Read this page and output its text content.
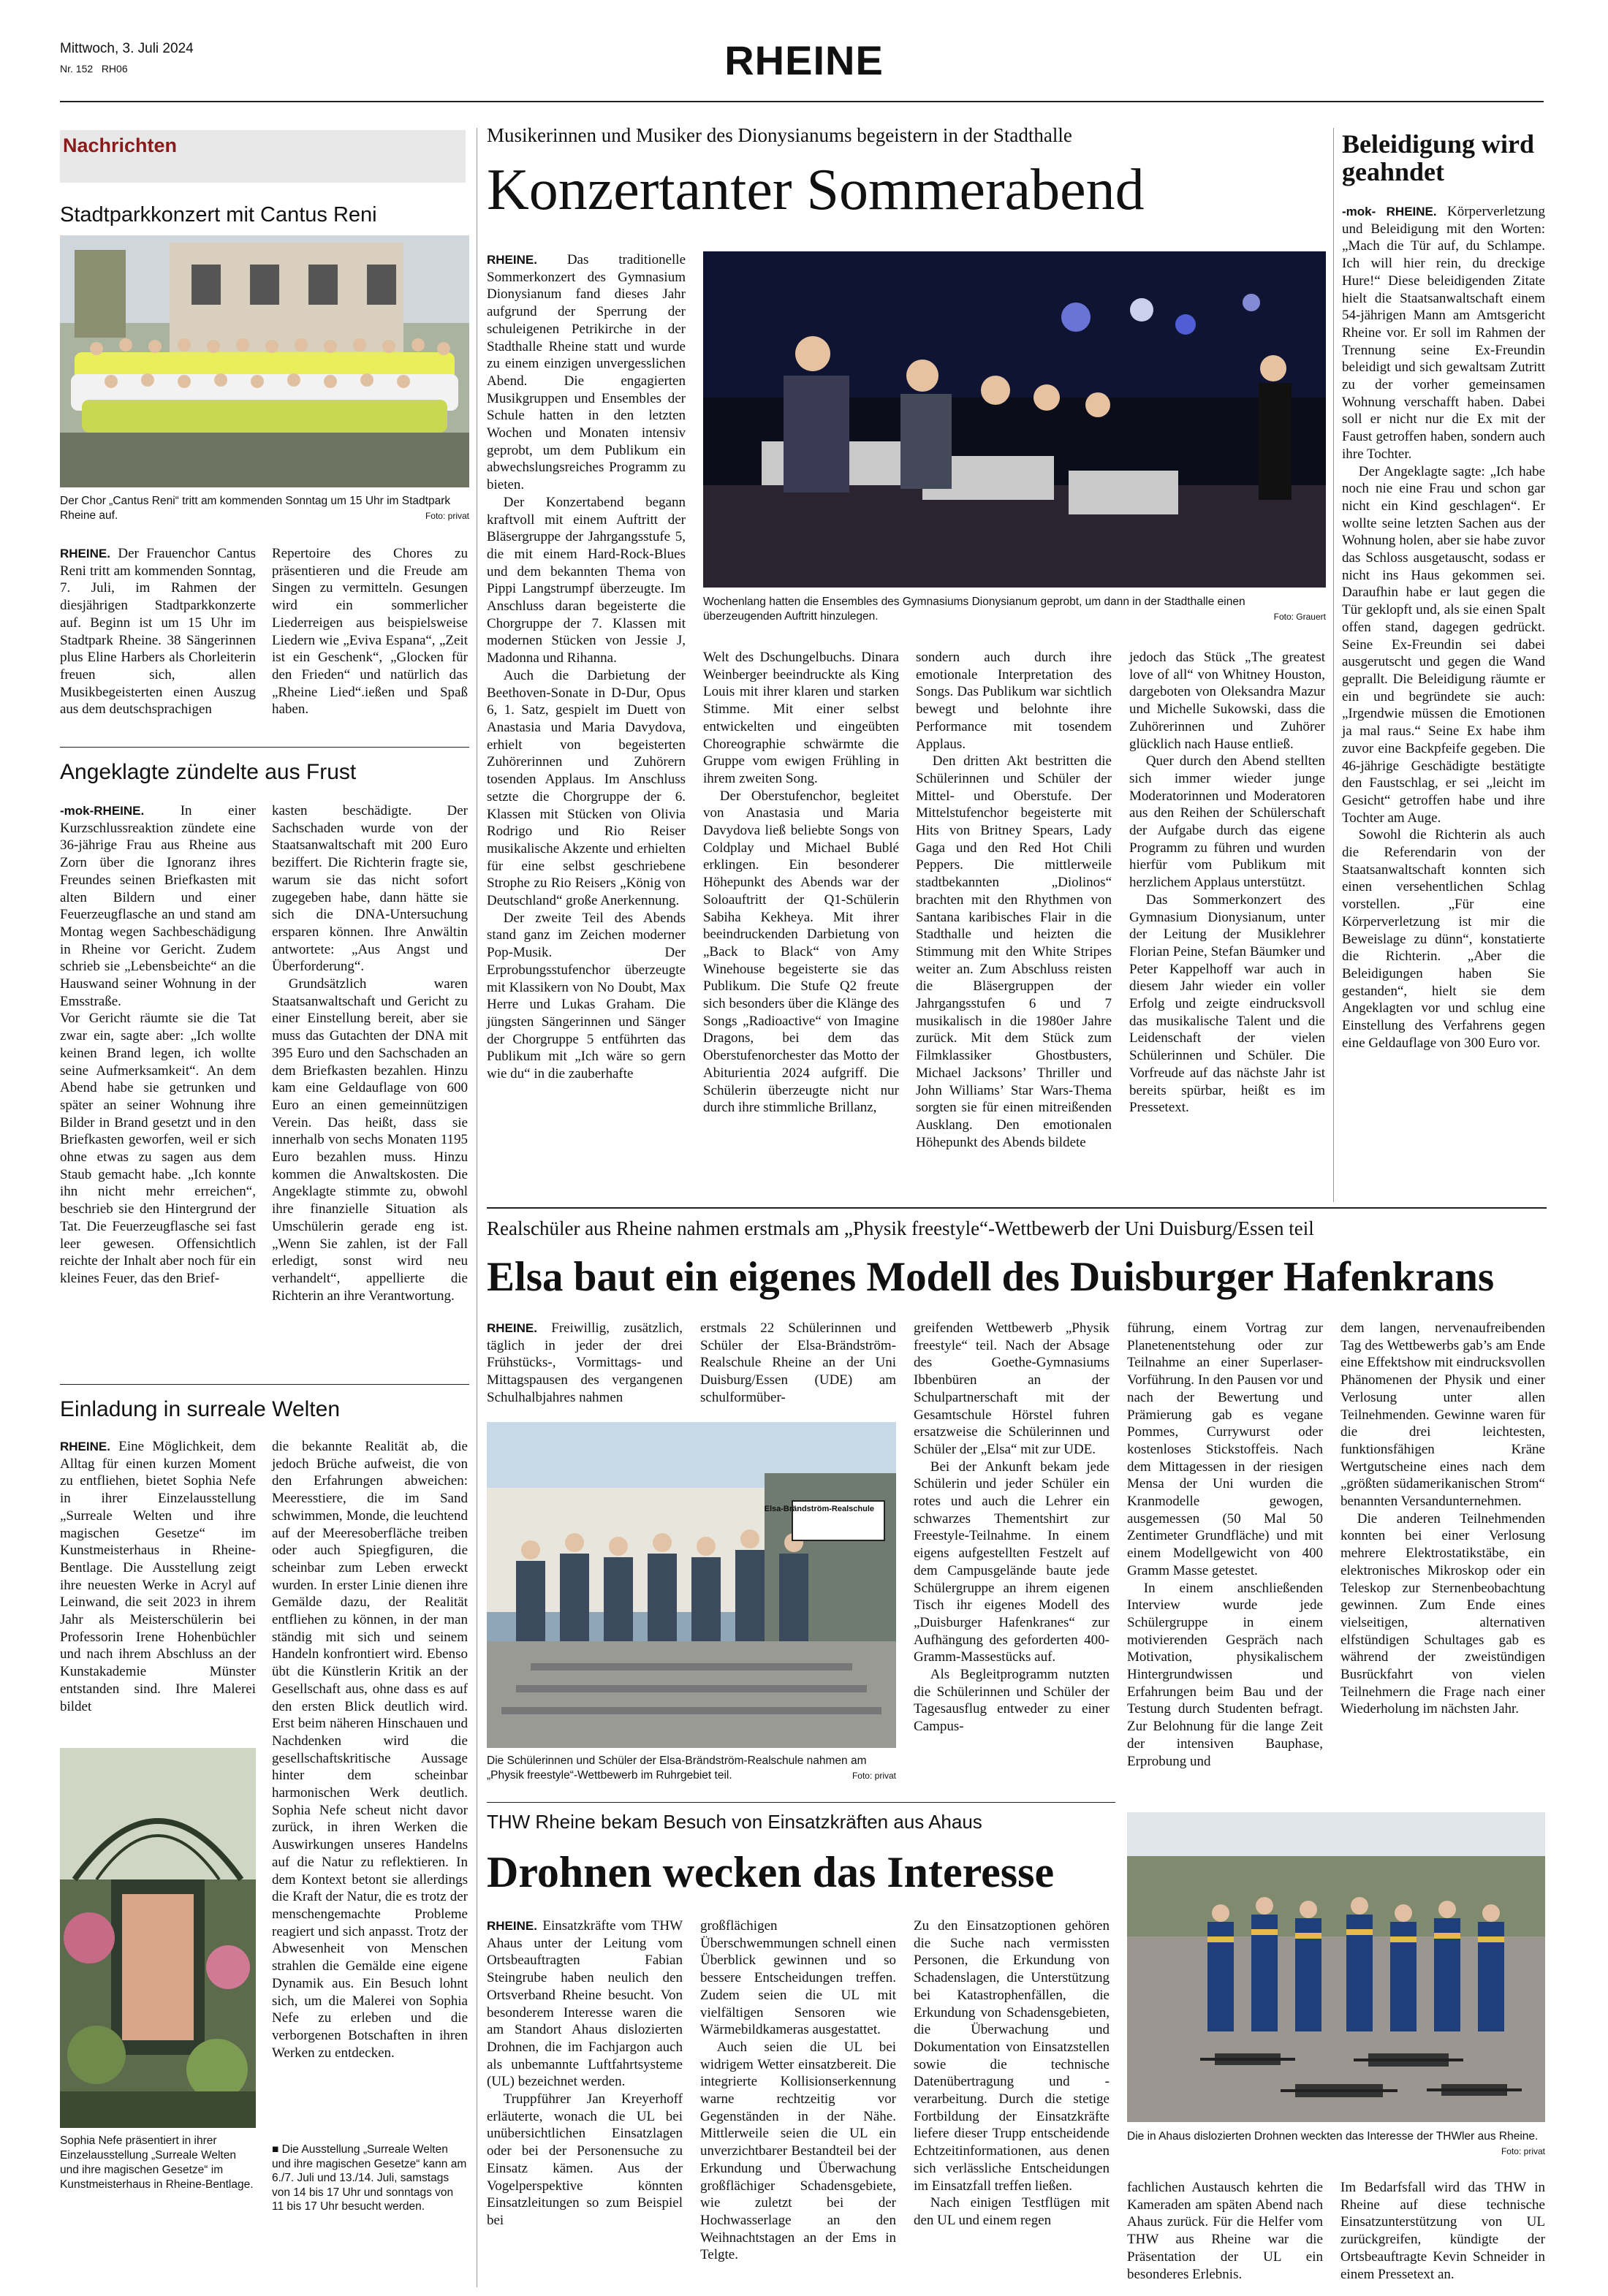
Mittwoch, 3. Juli 2024
Nr. 152 RH06	RHEINE
Nachrichten
Stadtparkkonzert mit Cantus Reni
Der Chor „Cantus Reni“ tritt am kommenden Sonntag um 15 Uhr im Stadtpark Rheine auf.	Foto: privat

RHEINE. Der Frauenchor Cantus Reni tritt am kommenden Sonntag, 7. Juli, im Rahmen der diesjährigen Stadtparkkonzerte auf. Beginn ist um 15 Uhr im Stadtpark Rheine. 38 Sängerinnen plus Eline Harbers als Chorleiterin freuen sich, allen Musikbegeisterten einen Auszug aus dem deutschsprachigen

Repertoire des Chores zu präsentieren und die Freude am Singen zu vermitteln. Gesungen wird ein sommerlicher Liederreigen aus beispielsweise Liedern wie „Eviva Espana“, „Zeit ist ein Geschenk“, „Glocken für den Frieden“ und natürlich das „Rheine Lied“.ießen und Spaß haben.

Angeklagte zündelte aus Frust

-mok-RHEINE.	In einer Kurzschlussreaktion zündete eine 36-jährige Frau aus Rheine aus Zorn über die Ignoranz ihres Freundes seinen Briefkasten mit alten Bildern und einer Feuerzeugflasche an und stand am Montag wegen Sachbeschädigung in Rheine vor Gericht. Zudem schrieb sie „Lebensbeichte“ an die Hauswand seiner Wohnung in der Emsstraße.

Vor Gericht räumte sie die Tat zwar ein, sagte aber: „Ich wollte keinen Brand legen, ich wollte seine Aufmerksamkeit“. An dem Abend habe sie getrunken und später an seiner Wohnung ihre Bilder in Brand gesetzt und in den Briefkasten geworfen, weil er sich ohne etwas zu sagen aus dem Staub gemacht habe. „Ich konnte ihn nicht mehr erreichen“, beschrieb sie den Hintergrund der Tat. Die Feuerzeugflasche sei fast leer gewesen. Offensichtlich reichte der Inhalt aber noch für ein kleines Feuer, das den Brief-

kasten beschädigte. Der Sachschaden wurde von der Staatsanwaltschaft mit 200 Euro beziffert. Die Richterin fragte sie, warum sie das nicht sofort zugegeben habe, dann hätte sie sich die DNA-Untersuchung ersparen können. Ihre Anwältin antwortete: „Aus Angst und Überforderung“.

Grundsätzlich waren Staatsanwaltschaft und Gericht zu einer Einstellung bereit, aber sie muss das Gutachten der DNA mit 395 Euro und den Sachschaden an dem Briefkasten bezahlen. Hinzu kam eine Geldauflage von 600 Euro an einen gemeinnützigen Verein. Das heißt, dass sie innerhalb von sechs Monaten 1195 Euro bezahlen muss. Hinzu kommen die Anwaltskosten. Die Angeklagte stimmte zu, obwohl ihre finanzielle Situation als Umschülerin gerade eng ist. „Wenn Sie zahlen, ist der Fall erledigt, sonst wird neu verhandelt“, appellierte die Richterin an ihre Verantwortung.

Einladung in surreale Welten

RHEINE. Eine Möglichkeit, dem Alltag für einen kurzen Moment zu entfliehen, bietet Sophia Nefe in ihrer Einzelausstellung „Surreale Welten und ihre magischen Gesetze“ im Kunstmeisterhaus in Rheine-Bentlage. Die Ausstellung zeigt ihre neuesten Werke in Acryl auf Leinwand, die seit 2023 in ihrem Jahr als Meisterschülerin bei Professorin Irene Hohenbüchler und nach ihrem Abschluss an der Kunstakademie Münster entstanden sind. Ihre Malerei bildet

Sophia Nefe präsentiert in ihrer Einzelausstellung „Surreale Welten und ihre magischen Gesetze“ im Kunstmeisterhaus in Rheine-Bentlage.

die bekannte Realität ab, die jedoch Brüche aufweist, die von den Erfahrungen abweichen: Meeresstiere, die im Sand schwimmen, Monde, die leuchtend auf der Meeresoberfläche treiben oder auch Spiegfiguren, die scheinbar zum Leben erweckt wurden. In erster Linie dienen ihre Gemälde dazu, der Realität entfliehen zu können, in der man ständig mit sich und seinem Handeln konfrontiert wird. Ebenso übt die Künstlerin Kritik an der Gesellschaft aus, ohne dass es auf den ersten Blick deutlich wird. Erst beim näheren Hinschauen und Nachdenken wird die gesellschaftskritische Aussage hinter dem scheinbar harmonischen Werk deutlich. Sophia Nefe scheut nicht davor zurück, in ihren Werken die Auswirkungen unseres Handelns auf die Natur zu reflektieren. In dem Kontext betont sie allerdings die Kraft der Natur, die es trotz der menschengemachte Probleme reagiert und sich anpasst. Trotz der Abwesenheit von Menschen strahlen die Gemälde eine eigene Dynamik aus. Ein Besuch lohnt sich, um die Malerei von Sophia Nefe zu erleben und die verborgenen Botschaften in ihren Werken zu entdecken.

■ Die Ausstellung „Surreale Welten und ihre magischen Gesetze“ kann am 6./7. Juli und 13./14. Juli, samstags von 14 bis 17 Uhr und sonntags von 11 bis 17 Uhr besucht werden.
Musikerinnen und Musiker des Dionysianums begeistern in der Stadthalle
Konzertanter Sommerabend

RHEINE. Das traditionelle Sommerkonzert des Gymnasium Dionysianum fand dieses Jahr aufgrund der Sperrung der schuleigenen Petrikirche in der Stadthalle Rheine statt und wurde zu einem einzigen unvergesslichen Abend. Die engagierten Musikgruppen und Ensembles der Schule hatten in den letzten Wochen und Monaten intensiv geprobt, um dem Publikum ein abwechslungsreiches Programm zu bieten.

Der Konzertabend begann kraftvoll mit einem Auftritt der Bläsergruppe der Jahrgangsstufe 5, die mit einem Hard-Rock-Blues und dem bekannten Thema von Pippi Langstrumpf überzeugte. Im Anschluss daran begeisterte die Chorgruppe der 7. Klassen mit modernen Stücken von Jessie J, Madonna und Rihanna.

Auch die Darbietung der Beethoven-Sonate in D-Dur, Opus 6, 1. Satz, gespielt im Duett von Anastasia und Maria Davydova, erhielt von begeisterten Zuhörerinnen und Zuhörern tosenden Applaus. Im Anschluss setzte die Chorgruppe der 6. Klassen mit Stücken von Olivia Rodrigo und Rio Reiser musikalische Akzente und erhielten für eine selbst geschriebene Strophe zu Rio Reisers „König von Deutschland“ große Anerkennung.

Der zweite Teil des Abends stand ganz im Zeichen moderner Pop-Musik. Der Erprobungsstufenchor überzeugte mit Klassikern von No Doubt, Max Herre und Lukas Graham. Die jüngsten Sängerinnen und Sänger der Chorgruppe 5 entführten das Publikum mit „Ich wäre so gern wie du“ in die zauberhafte

Wochenlang hatten die Ensembles des Gymnasiums Dionysianum geprobt, um dann in der Stadthalle einen überzeugenden Auftritt hinzulegen.	Foto: Grauert

Welt des Dschungelbuchs. Dinara Weinberger beeindruckte als King Louis mit ihrer klaren und starken Stimme. Mit einer selbst entwickelten und eingeübten Choreographie schwärmte die Gruppe vom ewigen Frühling in ihrem zweiten Song.

Der Oberstufenchor, begleitet von Anastasia und Maria Davydova ließ beliebte Songs von Coldplay und Michael Bublé erklingen. Ein besonderer Höhepunkt des Abends war der Soloauftritt der Q1-Schülerin Sabiha Kekheya. Mit ihrer beeindruckenden Darbietung von „Back to Black“ von Amy Winehouse begeisterte sie das Publikum. Die Stufe Q2 freute sich besonders über die Klänge des Songs „Radioactive“ von Imagine Dragons, bei dem das Oberstufenorchester das Motto der Abiturientia 2024 aufgriff. Die Schülerin überzeugte nicht nur durch ihre stimmliche Brillanz,

sondern auch durch ihre emotionale Interpretation des Songs. Das Publikum war sichtlich bewegt und belohnte ihre Performance mit tosendem Applaus.

Den dritten Akt bestritten die Schülerinnen und Schüler der Mittel- und Oberstufe. Der Mittelstufenchor begeisterte mit Hits von Britney Spears, Lady Gaga und den Red Hot Chili Peppers. Die mittlerweile stadtbekannten „Diolinos“ brachten mit den Rhythmen von Santana karibisches Flair in die Stadthalle und heizten die Stimmung mit den White Stripes weiter an. Zum Abschluss reisten die Bläsergruppen der Jahrgangsstufen 6 und 7 musikalisch in die 1980er Jahre zurück. Mit dem Stück zum Filmklassiker Ghostbusters, Michael Jacksons’ Thriller und John Williams’ Star Wars-Thema sorgten sie für einen mitreißenden Ausklang. Den emotionalen Höhepunkt des Abends bildete

jedoch das Stück „The greatest love of all“ von Whitney Houston, dargeboten von Oleksandra Mazur und Michelle Sukowski, dass die Zuhörerinnen und Zuhörer glücklich nach Hause entließ.

Quer durch den Abend stellten sich immer wieder junge Moderatorinnen und Moderatoren aus den Reihen der Schülerschaft der Aufgabe durch das eigene Programm zu führen und wurden hierfür vom Publikum mit herzlichem Applaus unterstützt.

Das Sommerkonzert des Gymnasium Dionysianum, unter der Leitung der Musiklehrer Florian Peine, Stefan Bäumker und Peter Kappelhoff war auch in diesem Jahr wieder ein voller Erfolg und zeigte eindrucksvoll das musikalische Talent und die Leidenschaft der vielen Schülerinnen und Schüler. Die Vorfreude auf das nächste Jahr ist bereits spürbar, heißt es im Pressetext.

Beleidigung wird geahndet

-mok- RHEINE. Körperverletzung und Beleidigung mit den Worten: „Mach die Tür auf, du Schlampe. Ich will hier rein, du dreckige Hure!“ Diese beleidigenden Zitate hielt die Staatsanwaltschaft einem 54-jährigen Mann am Amtsgericht Rheine vor. Er soll im Rahmen der Trennung seine Ex-Freundin beleidigt und sich gewaltsam Zutritt zu der vorher gemeinsamen Wohnung verschafft haben. Dabei soll er nicht nur die Ex mit der Faust getroffen haben, sondern auch ihre Tochter.

Der Angeklagte sagte: „Ich habe noch nie eine Frau und schon gar nicht ein Kind geschlagen“. Er wollte seine letzten Sachen aus der Wohnung holen, aber sie habe zuvor das Schloss ausgetauscht, sodass er nicht ins Haus gekommen sei. Daraufhin habe er laut gegen die Tür geklopft und, als sie einen Spalt offen stand, dagegen gedrückt. Seine Ex-Freundin sei dabei ausgerutscht und gegen die Wand geprallt. Die Beleidigung räumte er ein und begründete sie auch: „Irgendwie müssen die Emotionen ja mal raus.“ Seine Ex habe ihm zuvor eine Backpfeife gegeben. Die 46-jährige Geschädigte bestätigte den Faustschlag, er sei „leicht im Gesicht“ getroffen habe und ihre Tochter am Auge.

Sowohl die Richterin als auch die Referendarin von der Staatsanwaltschaft konnten sich einen versehentlichen Schlag vorstellen. „Für eine Körperverletzung ist mir die Beweislage zu dünn“, konstatierte die Richterin. „Aber die Beleidigungen haben Sie gestanden“, hielt sie dem Angeklagten vor und schlug eine Einstellung des Verfahrens gegen eine Geldauflage von 300 Euro vor.

Realschüler aus Rheine nahmen erstmals am „Physik freestyle“-Wettbewerb der Uni Duisburg/Essen teil
Elsa baut ein eigenes Modell des Duisburger Hafenkrans

RHEINE. Freiwillig, zusätzlich, täglich in jeder der drei Frühstücks-, Vormittags- und Mittagspausen des vergangenen Schulhalbjahres nahmen

erstmals 22 Schülerinnen und Schüler der Elsa-Brändström-Realschule Rheine an der Uni Duisburg/Essen (UDE) am schulformüber-

Elsa-Brändström-Realschule
Die Schülerinnen und Schüler der Elsa-Brändström-Realschule nahmen am „Physik freestyle“-Wettbewerb im Ruhrgebiet teil.	Foto: privat

greifenden Wettbewerb „Physik freestyle“ teil. Nach der Absage des Goethe-Gymnasiums Ibbenbüren an der Schulpartnerschaft mit der Gesamtschule Hörstel fuhren ersatzweise die Schülerinnen und Schüler der „Elsa“ mit zur UDE.

Bei der Ankunft bekam jede Schülerin und jeder Schüler ein rotes und auch die Lehrer ein schwarzes Thementshirt zur Freestyle-Teilnahme. In einem eigens aufgestellten Festzelt auf dem Campusgelände baute jede Schülergruppe an ihrem eigenen Tisch ihr eigenes Modell des „Duisburger Hafenkranes“ zur Aufhängung des geforderten 400-Gramm-Massestücks auf.

Als Begleitprogramm nutzten die Schülerinnen und Schüler der Tagesausflug entweder zu einer Campus-

führung, einem Vortrag zur Planetenentstehung oder zur Teilnahme an einer Superlaser-Vorführung. In den Pausen vor und nach der Bewertung und Prämierung gab es vegane Pommes, Currywurst oder kostenloses Stickstoffeis. Nach dem Mittagessen in der riesigen Mensa der Uni wurden die Kranmodelle gewogen, ausgemessen (50 Mal 50 Zentimeter Grundfläche) und mit einem Modellgewicht von 400 Gramm Masse getestet.

In einem anschließenden Interview wurde jede Schülergruppe in einem motivierenden Gespräch nach Motivation, physikalischem Hintergrundwissen und Erfahrungen beim Bau und der Testung durch Studenten befragt. Zur Belohnung für die lange Zeit der intensiven Bauphase, Erprobung und

dem langen, nervenaufreibenden Tag des Wettbewerbs gab’s am Ende eine Effektshow mit eindrucksvollen Phänomenen der Physik und einer Verlosung unter allen Teilnehmenden. Gewinne waren für die drei leichtesten, funktionsfähigen Kräne Wertgutscheine eines nach dem „größten südamerikanischen Strom“ benannten Versandunternehmen.

Die anderen Teilnehmenden konnten bei einer Verlosung mehrere Elektrostatikstäbe, ein elektronisches Mikroskop oder ein Teleskop zur Sternenbeobachtung gewinnen. Zum Ende eines vielseitigen, alternativen elfstündigen Schultages gab es während der zweistündigen Busrückfahrt von vielen Teilnehmern die Frage nach einer Wiederholung im nächsten Jahr.

THW Rheine bekam Besuch von Einsatzkräften aus Ahaus
Drohnen wecken das Interesse

RHEINE. Einsatzkräfte vom THW Ahaus unter der Leitung vom Ortsbeauftragten Fabian Steingrube haben neulich den Ortsverband Rheine besucht. Von besonderem Interesse waren die am Standort Ahaus dislozierten Drohnen, die im Fachjargon auch als unbemannte Luftfahrtsysteme (UL) bezeichnet werden.

Truppführer Jan Kreyerhoff erläuterte, wonach die UL bei unübersichtlichen Einsatzlagen oder bei der Personensuche zu Einsatz kämen. Aus der Vogelperspektive könnten Einsatzleitungen so zum Beispiel bei

großflächigen Überschwemmungen schnell einen Überblick gewinnen und so bessere Entscheidungen treffen. Zudem seien die UL mit vielfältigen Sensoren wie Wärmebildkameras ausgestattet.

Auch seien die UL bei widrigem Wetter einsatzbereit. Die integrierte Kollisionserkennung warne rechtzeitig vor Gegenständen in der Nähe. Mittlerweile seien die UL ein unverzichtbarer Bestandteil bei der Erkundung und Überwachung großflächiger Schadensgebiete, wie zuletzt bei der Hochwasserlage an den Weihnachtstagen an der Ems in Telgte.

Zu den Einsatzoptionen gehören die Suche nach vermissten Personen, die Erkundung von Schadenslagen, die Unterstützung bei Katastrophenfällen, die Erkundung von Schadensgebieten, die Überwachung und Dokumentation von Einsatzstellen sowie die technische Datenübertragung und -verarbeitung. Durch die stetige Fortbildung der Einsatzkräfte liefere dieser Trupp entscheidende Echtzeitinformationen, aus denen sich verlässliche Entscheidungen im Einsatzfall treffen ließen.

Nach einigen Testflügen mit den UL und einem regen

Die in Ahaus dislozierten Drohnen weckten das Interesse der THWler aus Rheine.
Foto: privat

fachlichen Austausch kehrten die Kameraden am späten Abend nach Ahaus zurück. Für die Helfer vom THW aus Rheine war die Präsentation der UL ein besonderes Erlebnis.

Im Bedarfsfall wird das THW in Rheine auf diese technische Einsatzunterstützung von UL zurückgreifen, kündigte der Ortsbeauftragte Kevin Schneider in einem Pressetext an.
